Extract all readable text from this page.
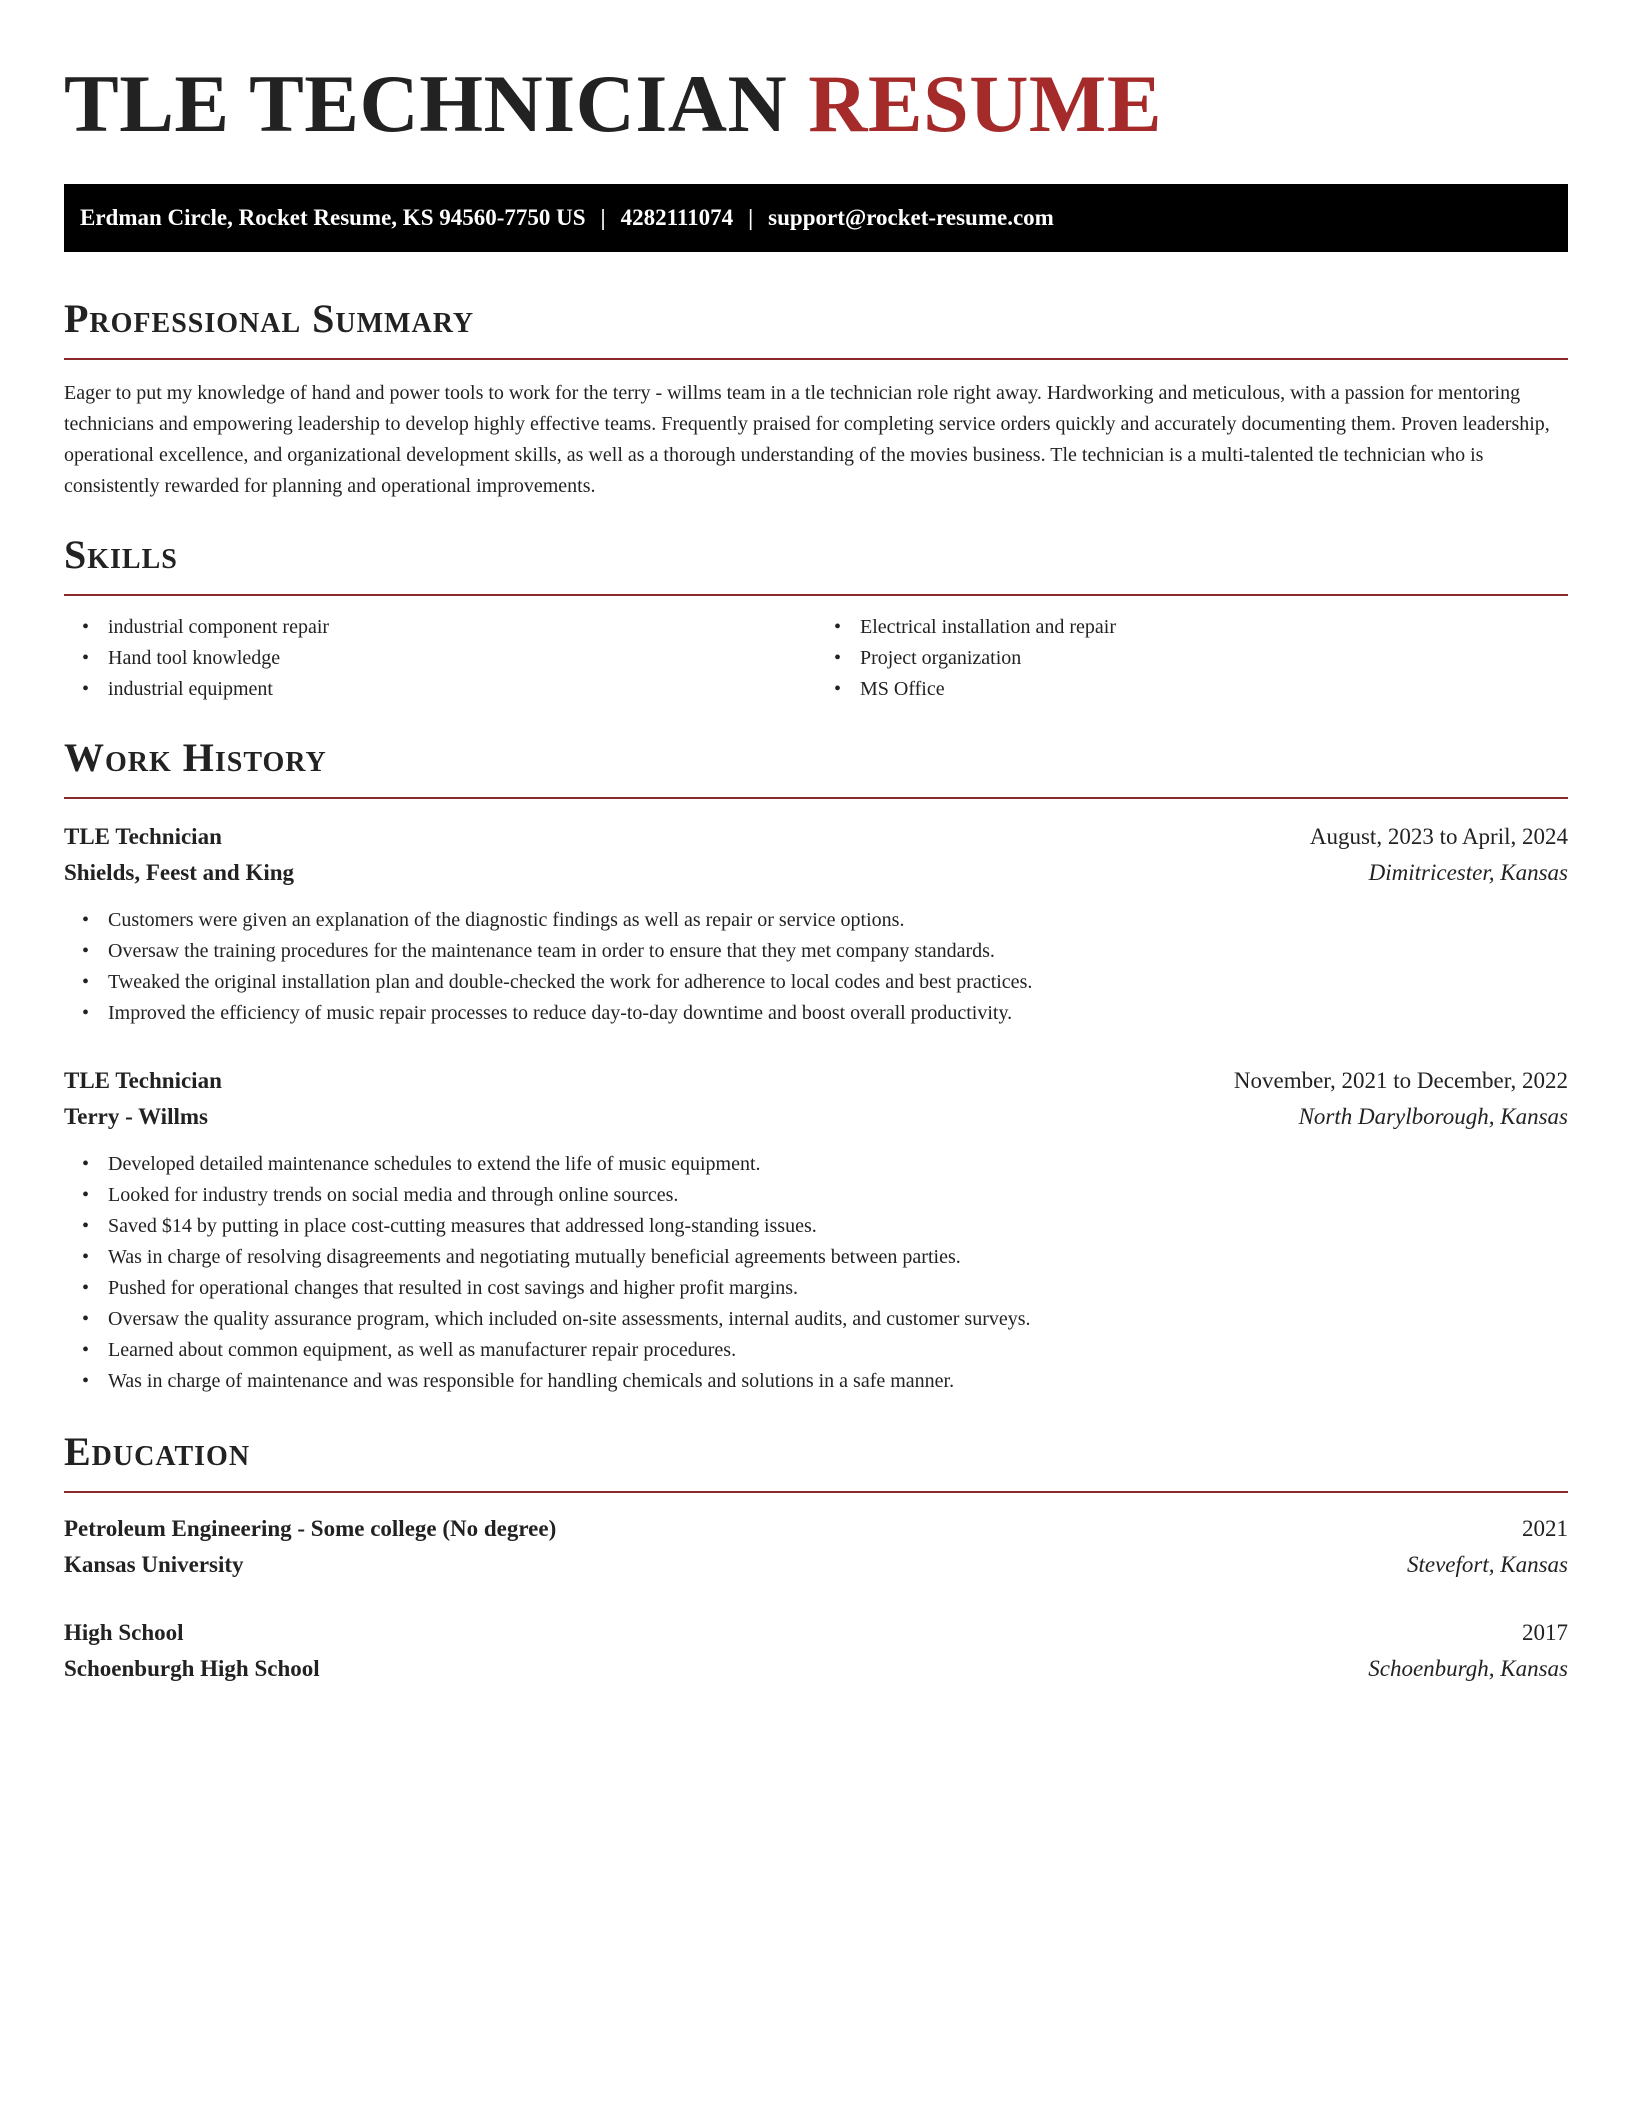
TLE TECHNICIAN RESUME
Erdman Circle, Rocket Resume, KS 94560-7750 US | 4282111074 | support@rocket-resume.com
Professional Summary

Eager to put my knowledge of hand and power tools to work for the terry - willms team in a tle technician role right away. Hardworking and meticulous, with a passion for mentoring technicians and empowering leadership to develop highly effective teams. Frequently praised for completing service orders quickly and accurately documenting them. Proven leadership, operational excellence, and organizational development skills, as well as a thorough understanding of the movies business. Tle technician is a multi-talented tle technician who is consistently rewarded for planning and operational improvements.

Skills
• industrial component repair
• Hand tool knowledge
• industrial equipment
• Electrical installation and repair
• Project organization
• MS Office
Work History
TLE Technician	August, 2023 to April, 2024
Shields, Feest and King	Dimitricester, Kansas
• Customers were given an explanation of the diagnostic findings as well as repair or service options.
• Oversaw the training procedures for the maintenance team in order to ensure that they met company standards.
• Tweaked the original installation plan and double-checked the work for adherence to local codes and best practices.
• Improved the efficiency of music repair processes to reduce day-to-day downtime and boost overall productivity.
TLE Technician	November, 2021 to December, 2022
Terry - Willms	North Darylborough, Kansas
• Developed detailed maintenance schedules to extend the life of music equipment.
• Looked for industry trends on social media and through online sources.
• Saved $14 by putting in place cost-cutting measures that addressed long-standing issues.
• Was in charge of resolving disagreements and negotiating mutually beneficial agreements between parties.
• Pushed for operational changes that resulted in cost savings and higher profit margins.
• Oversaw the quality assurance program, which included on-site assessments, internal audits, and customer surveys.
• Learned about common equipment, as well as manufacturer repair procedures.
• Was in charge of maintenance and was responsible for handling chemicals and solutions in a safe manner.
Education
Petroleum Engineering - Some college (No degree)	2021
Kansas University	Stevefort, Kansas
High School	2017
Schoenburgh High School	Schoenburgh, Kansas
